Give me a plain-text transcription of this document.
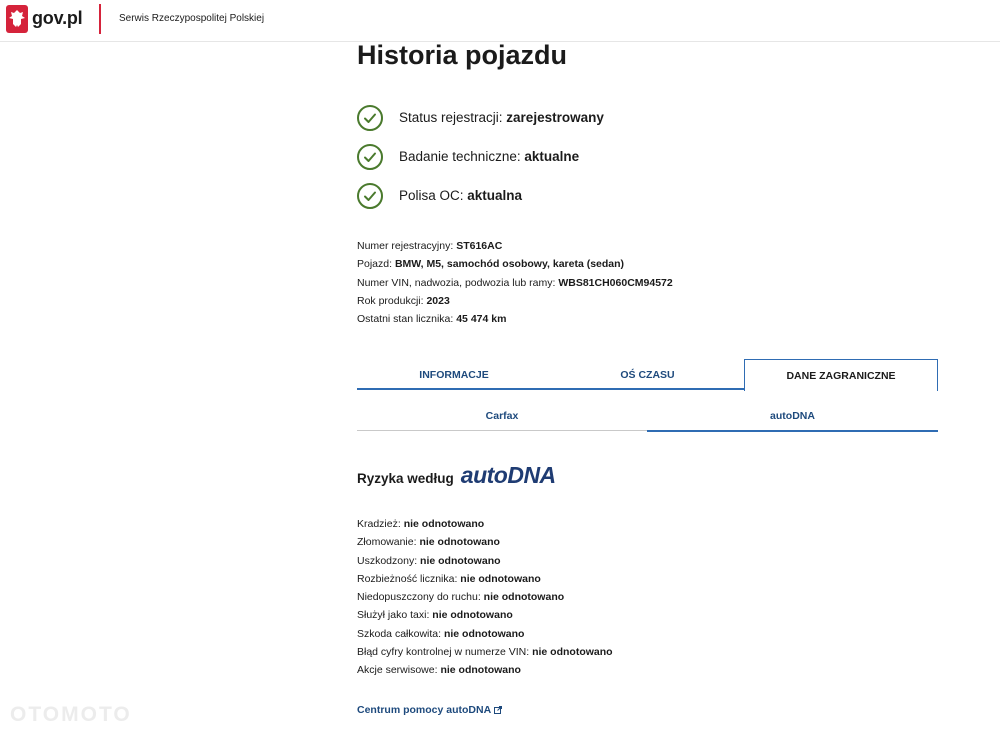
gov.pl	Serwis Rzeczypospolitej Polskiej
Historia pojazdu
Status rejestracji: zarejestrowany
Badanie techniczne: aktualne
Polisa OC: aktualna
Numer rejestracyjny: ST616AC
Pojazd: BMW, M5, samochód osobowy, kareta (sedan)
Numer VIN, nadwozia, podwozia lub ramy: WBS81CH060CM94572
Rok produkcji: 2023
Ostatni stan licznika: 45 474 km
INFORMACJE	OŚ CZASU	DANE ZAGRANICZNE
Carfax	autoDNA
Ryzyka według autoDNA
Kradzież: nie odnotowano
Złomowanie: nie odnotowano
Uszkodzony: nie odnotowano
Rozbieżność licznika: nie odnotowano
Niedopuszczony do ruchu: nie odnotowano
Służył jako taxi: nie odnotowano
Szkoda całkowita: nie odnotowano
Błąd cyfry kontrolnej w numerze VIN: nie odnotowano
Akcje serwisowe: nie odnotowano
Centrum pomocy autoDNA
OTOMOTO
